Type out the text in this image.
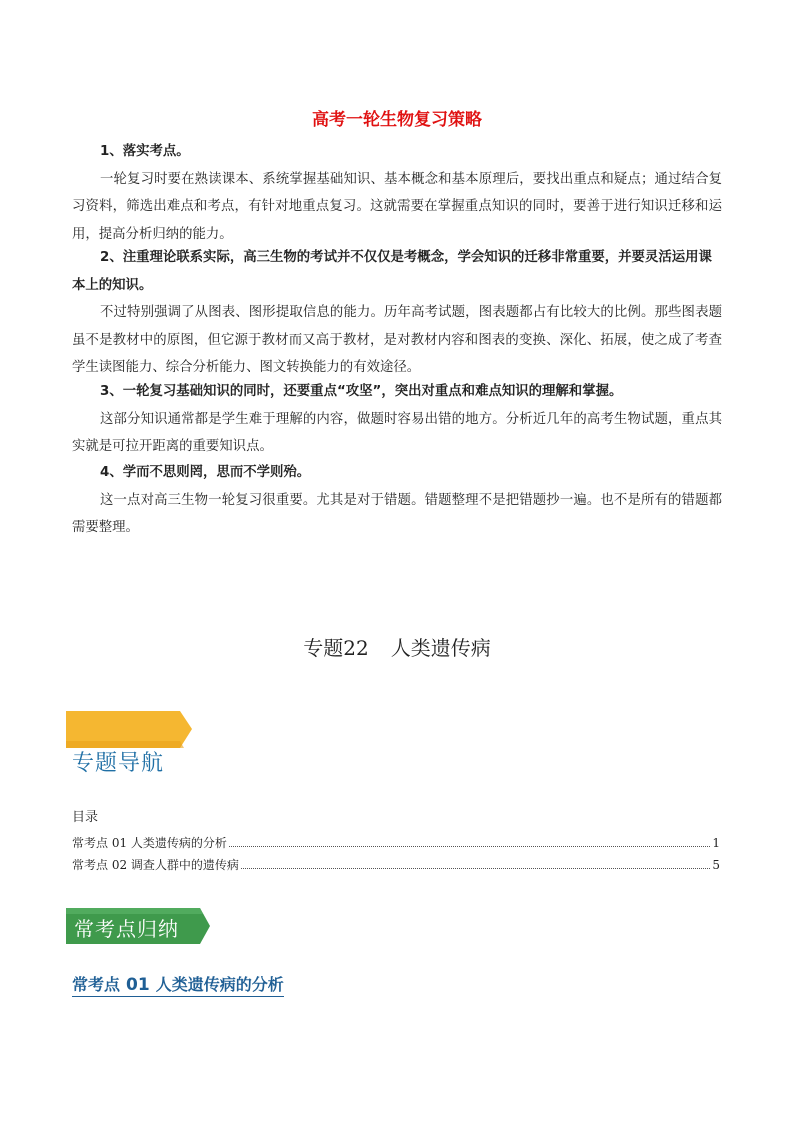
高考一轮生物复习策略
1、落实考点。
一轮复习时要在熟读课本、系统掌握基础知识、基本概念和基本原理后，要找出重点和疑点；通过结合复习资料，筛选出难点和考点，有针对地重点复习。这就需要在掌握重点知识的同时，要善于进行知识迁移和运用，提高分析归纳的能力。
2、注重理论联系实际，高三生物的考试并不仅仅是考概念，学会知识的迁移非常重要，并要灵活运用课本上的知识。
不过特别强调了从图表、图形提取信息的能力。历年高考试题，图表题都占有比较大的比例。那些图表题虽不是教材中的原图，但它源于教材而又高于教材，是对教材内容和图表的变换、深化、拓展，使之成了考查学生读图能力、综合分析能力、图文转换能力的有效途径。
3、一轮复习基础知识的同时，还要重点“攻坚”，突出对重点和难点知识的理解和掌握。
这部分知识通常都是学生难于理解的内容，做题时容易出错的地方。分析近几年的高考生物试题，重点其实就是可拉开距离的重要知识点。
4、学而不思则罔，思而不学则殆。
这一点对高三生物一轮复习很重要。尤其是对于错题。错题整理不是把错题抄一遍。也不是所有的错题都需要整理。
专题22 人类遗传病
专题导航
目录
常考点 01 人类遗传病的分析	1
常考点 02 调查人群中的遗传病	5
常考点归纳
常考点 01 人类遗传病的分析
